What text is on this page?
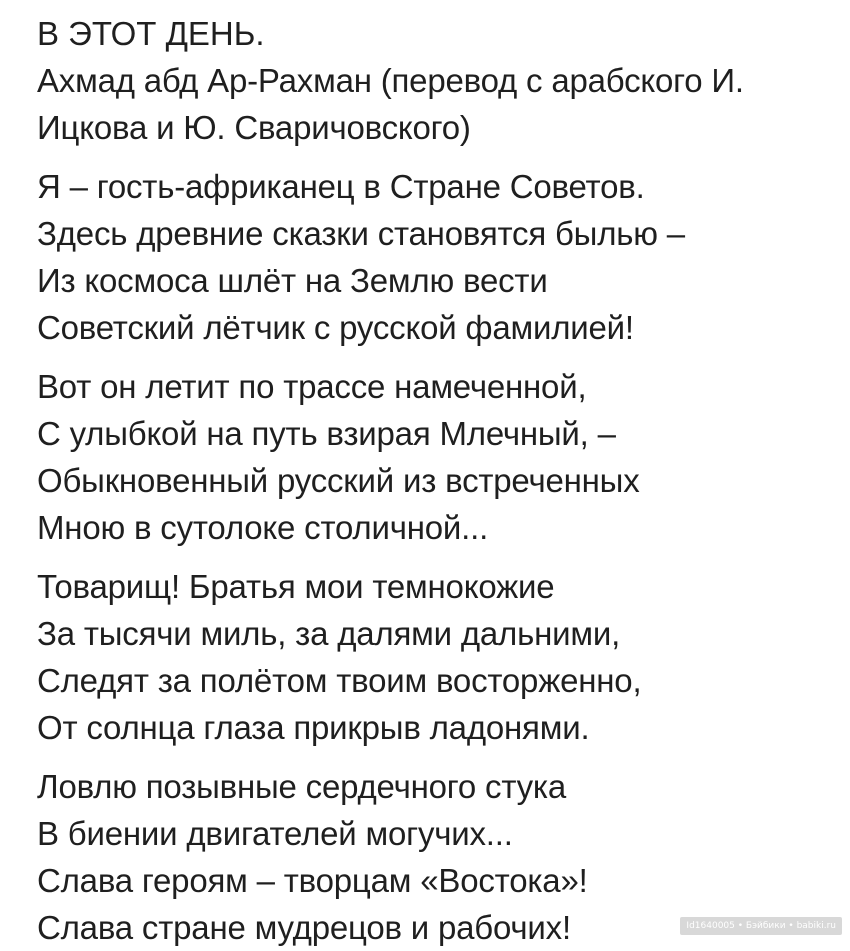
В ЭТОТ ДЕНЬ.
Ахмад абд Ар-Рахман (перевод с арабского И.
Ицкова и Ю. Сваричовского)
Я – гость-африканец в Стране Советов.
Здесь древние сказки становятся былью –
Из космоса шлёт на Землю вести
Советский лётчик с русской фамилией!
Вот он летит по трассе намеченной,
С улыбкой на путь взирая Млечный, –
Обыкновенный русский из встреченных
Мною в сутолоке столичной...
Товарищ! Братья мои темнокожие
За тысячи миль, за далями дальними,
Следят за полётом твоим восторженно,
От солнца глаза прикрыв ладонями.
Ловлю позывные сердечного стука
В биении двигателей могучих...
Слава героям – творцам «Востока»!
Слава стране мудрецов и рабочих!	Id1640005 • Бэйбики • babiki.ru
